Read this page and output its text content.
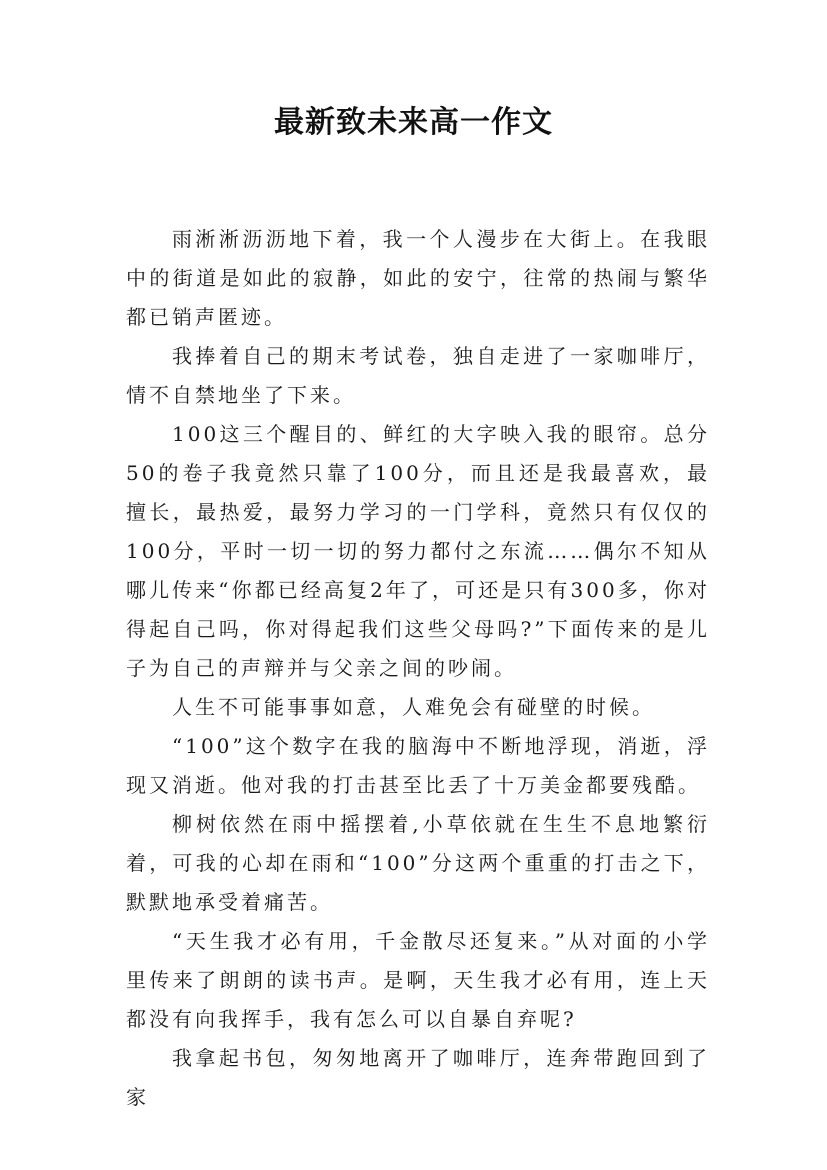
最新致未来高一作文

雨淅淅沥沥地下着，我一个人漫步在大街上。在我眼中的街道是如此的寂静，如此的安宁，往常的热闹与繁华都已销声匿迹。

我捧着自己的期末考试卷，独自走进了一家咖啡厅，情不自禁地坐了下来。

100这三个醒目的、鲜红的大字映入我的眼帘。总分50的卷子我竟然只靠了100分，而且还是我最喜欢，最擅长，最热爱，最努力学习的一门学科，竟然只有仅仅的100分，平时一切一切的努力都付之东流……偶尔不知从哪儿传来“你都已经高复2年了，可还是只有300多，你对得起自己吗，你对得起我们这些父母吗?”下面传来的是儿子为自己的声辩并与父亲之间的吵闹。

人生不可能事事如意，人难免会有碰壁的时候。

“100”这个数字在我的脑海中不断地浮现，消逝，浮现又消逝。他对我的打击甚至比丢了十万美金都要残酷。

柳树依然在雨中摇摆着,小草依就在生生不息地繁衍着，可我的心却在雨和“100”分这两个重重的打击之下，默默地承受着痛苦。

“天生我才必有用，千金散尽还复来。”从对面的小学里传来了朗朗的读书声。是啊，天生我才必有用，连上天都没有向我挥手，我有怎么可以自暴自弃呢?

我拿起书包，匆匆地离开了咖啡厅，连奔带跑回到了家
